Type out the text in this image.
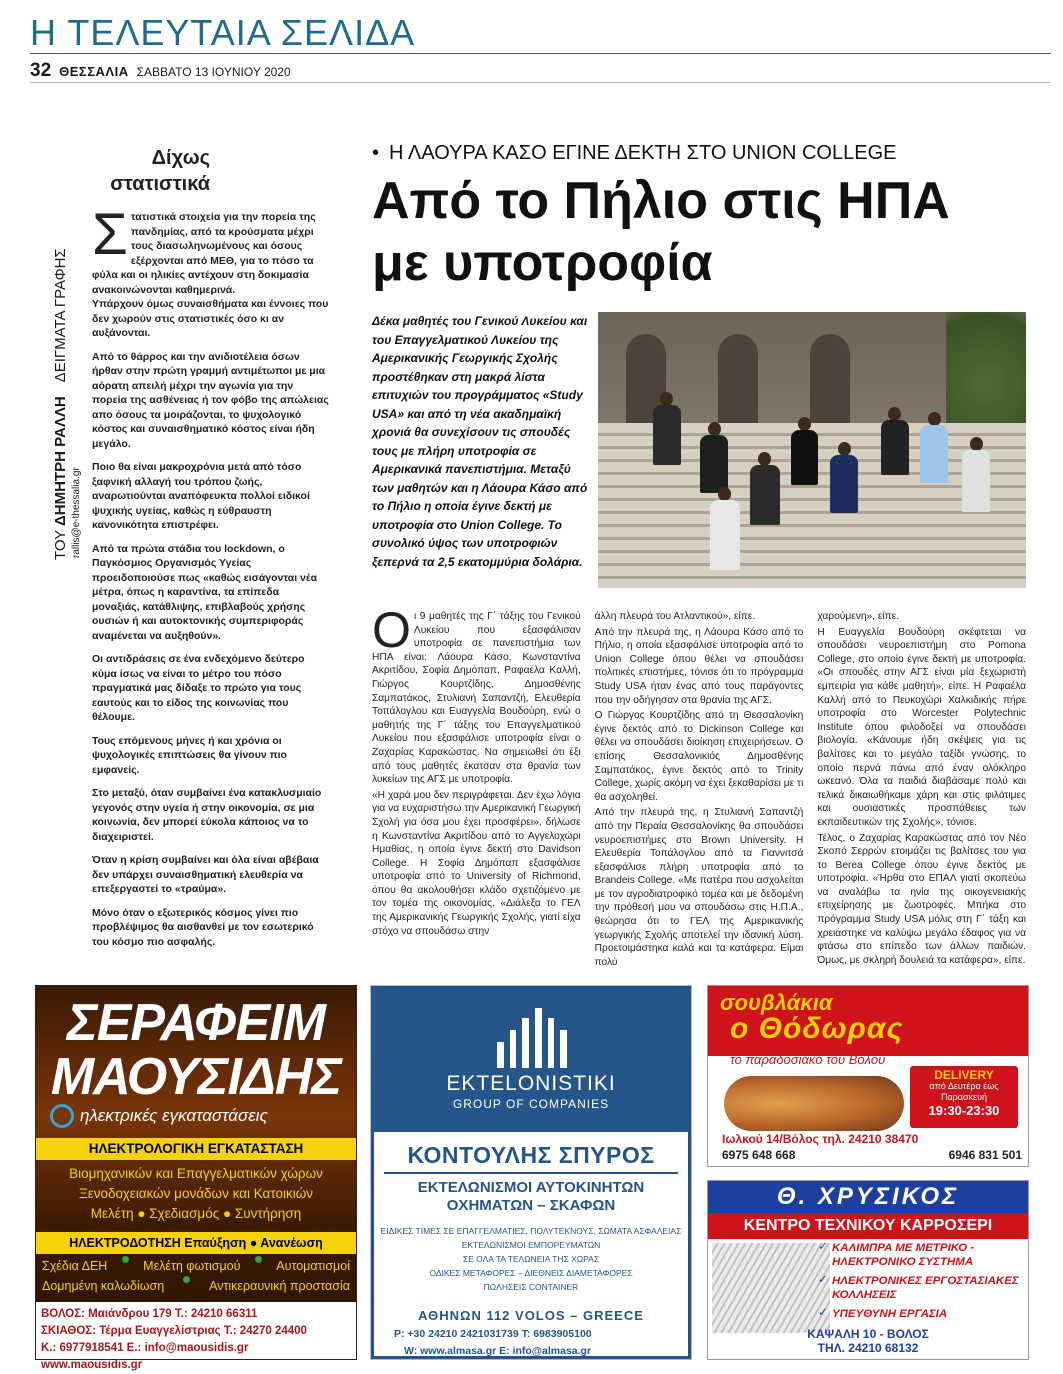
Η ΤΕΛΕΥΤΑΙΑ ΣΕΛΙΔΑ
32 ΘΕΣΣΑΛΙΑ ΣΑΒΒΑΤΟ 13 ΙΟΥΝΙΟΥ 2020
ΤΟΥ ΔΗΜΗΤΡΗ ΡΑΛΛΗ
ΔΕΙΓΜΑΤΑ ΓΡΑΦΗΣ
rallis@e-thessalia.gr
Δίχως στατιστικά

Στατιστικά στοιχεία για την πορεία της πανδημίας, από τα κρούσματα μέχρι τους διασωληνωμένους και όσους εξέρχονται από ΜΕΘ, για το πόσο τα φύλα και οι ηλικίες αντέχουν στη δοκιμασία ανακοινώνονται καθημερινά.
Υπάρχουν όμως συναισθήματα και έννοιες που δεν χωρούν στις στατιστικές όσο κι αν αυξάνονται.

Από το θάρρος και την ανιδιοτέλεια όσων ήρθαν στην πρώτη γραμμή αντιμέτωποι με μια αόρατη απειλή μέχρι την αγωνία για την πορεία της ασθένειας ή τον φόβο της απώλειας απο όσους τα μοιράζονται, το ψυχολογικό κόστος και συναισθηματικό κόστος είναι ήδη μεγάλο.

Ποιο θα είναι μακροχρόνια μετά από τόσο ξαφνική αλλαγή του τρόπου ζωής, αναρωτιούνται αναπόφευκτα πολλοί ειδικοί ψυχικής υγείας, καθώς η εύθραυστη κανονικότητα επιστρέφει.

Από τα πρώτα στάδια του lockdown, ο Παγκόσμιος Οργανισμός Υγείας προειδοποιούσε πως «καθώς εισάγονται νέα μέτρα, όπως η καραντίνα, τα επίπεδα μοναξιάς, κατάθλιψης, επιβλαβούς χρήσης ουσιών ή και αυτοκτονικής συμπεριφοράς αναμένεται να αυξηθούν».

Οι αντιδράσεις σε ένα ενδεχόμενο δεύτερο κύμα ίσως να είναι το μέτρο του πόσο πραγματικά μας δίδαξε το πρώτο για τους εαυτούς και το είδος της κοινωνίας που θέλουμε.

Τους επόμενους μήνες ή και χρόνια οι ψυχολογικές επιπτώσεις θα γίνουν πιο εμφανείς.

Στο μεταξύ, όταν συμβαίνει ένα κατακλυσμιαίο γεγονός στην υγεία ή στην οικονομία, σε μια κοινωνία, δεν μπορεί εύκολα κάποιος να το διαχειριστεί.

Όταν η κρίση συμβαίνει και όλα είναι αβέβαια δεν υπάρχει συναισθηματική ελευθερία να επεξεργαστεί το «τραύμα».

Μόνο όταν ο εξωτερικός κόσμος γίνει πιο προβλέψιμος θα αισθανθεί με τον εσωτερικό του κόσμο πιο ασφαλής.

• Η ΛΑΟΥΡΑ ΚΑΣΟ ΕΓΙΝΕ ΔΕΚΤΗ ΣΤΟ UNION COLLEGE
Από το Πήλιο στις ΗΠΑ
με υποτροφία

Δέκα μαθητές του Γενικού Λυκείου και του Επαγγελματικού Λυκείου της Αμερικανικής Γεωργικής Σχολής προστέθηκαν στη μακρά λίστα επιτυχιών του προγράμματος «Study USA» και από τη νέα ακαδημαϊκή χρονιά θα συνεχίσουν τις σπουδές τους με πλήρη υποτροφία σε Αμερικανικά πανεπιστήμια. Μεταξύ των μαθητών και η Λάουρα Κάσο από το Πήλιο η οποία έγινε δεκτή με υποτροφία στο Union College. Το συνολικό ύψος των υποτροφιών ξεπερνά τα 2,5 εκατομμύρια δολάρια.

Οι 9 μαθητές της Γ΄ τάξης του Γενικού Λυκείου που εξασφάλισαν υποτροφία σε πανεπιστήμια των ΗΠΑ είναι: Λάουρα Κάσο, Κωνσταντίνα Ακριτίδου, Σοφία Δημόπαπ, Ραφαέλα Καλλή, Γιώργος Κουρτζίδης, Δημοσθένης Σαμπατάκος, Στυλιανή Σαπαντζή, Ελευθερία Τοπάλογλου και Ευαγγελία Βουδούρη, ενώ ο μαθητής της Γ΄ τάξης του Επαγγελματικού Λυκείου που εξασφάλισε υποτροφία είναι ο Ζαχαρίας Καρακώστας. Να σημειωθεί ότι έξι από τους μαθητές έκατσαν στα θρανία των λυκείων της ΑΓΣ με υποτροφία.

«Η χαρά μου δεν περιγράφεται. Δεν έχω λόγια για να ευχαριστήσω την Αμερικανική Γεωργική Σχολή για όσα μου έχει προσφέρει», δήλωσε η Κωνσταντίνα Ακριτίδου από το Αγγελοχώρι Ημαθίας, η οποία έγινε δεκτή στο Davidson College. Η Σοφία Δημόπαπ εξασφάλισε υποτροφία από το University of Richmond, όπου θα ακολουθήσει κλάδο σχετιζόμενο με τον τομέα της οικονομίας. «Διάλεξα το ΓΕΛ της Αμερικανικής Γεωργικής Σχολής, γιατί είχα στόχο να σπουδάσω στην

άλλη πλευρά του Ατλαντικού», είπε.

Από την πλευρά της, η Λάουρα Κάσο από το Πήλιο, η οποία εξασφάλισε υποτροφία από το Union College όπου θέλει να σπουδάσει πολιτικές επιστήμες, τόνισε ότι το πρόγραμμα Study USA ήταν ένας από τους παράγοντες που την οδήγησαν στα θρανία της ΑΓΣ.

Ο Γιώργος Κουρτζίδης από τη Θεσσαλονίκη έγινε δεκτός από το Dickinson College και θέλει να σπουδάσει διοίκηση επιχειρήσεων. Ο επίσης Θεσσαλονικιός Δημοσθένης Σαμπατάκος, έγινε δεκτός από το Trinity College, χωρίς ακόμη να έχει ξεκαθαρίσει με τι θα ασχοληθεί.

Από την πλευρά της, η Στυλιανή Σαπαντζή από την Περαία Θεσσαλονίκης θα σπουδάσει νευροεπιστήμες στο Brown University. Η Ελευθερία Τοπάλογλου από τα Γιαννιτσά εξασφάλισε πλήρη υποτροφία από το Brandeis College. «Με πατέρα που ασχολείται με τον αγροδιατροφικό τομέα και με δεδομένη την πρόθεσή μου να σπουδάσω στις Η.Π.Α., θεώρησα ότι το ΓΕΛ της Αμερικανικής γεωργικής Σχολής αποτελεί την ιδανική λύση. Προετοιμάστηκα καλά και τα κατάφερα. Είμαι πολύ

χαρούμενη», είπε.

Η Ευαγγελία Βουδούρη σκέφτεται να σπουδάσει νευροεπιστήμη στο Pomona College, στο οποίο έγινε δεκτή με υποτροφία. «Οι σπουδές στην ΑΓΣ είναι μία ξεχωριστή εμπειρία για κάθε μαθητή», είπε. Η Ραφαέλα Καλλή από το Πευκοχώρι Χαλκιδικής πήρε υποτροφία στο Worcester Polytechnic Institute όπου φιλοδοξεί να σπουδάσει βιολογία. «Κάνουμε ήδη σκέψεις για τις βαλίτσες και το μεγάλο ταξίδι γνώσης, το οποίο περνά πάνω από έναν ολόκληρο ωκεανό. Όλα τα παιδιά διαβάσαμε πολύ και τελικά δικαιωθήκαμε χάρη και στις φιλότιμες και ουσιαστικές προσπάθειες των εκπαιδευτικών της Σχολής», τόνισε.

Τέλος, ο Ζαχαρίας Καρακώστας από τον Νέο Σκοπό Σερρών ετοιμάζει τις βαλίτσες του για το Berea College όπου έγινε δεκτός με υποτροφία. «Ήρθα στο ΕΠΑΛ γιατί σκοπεύω να αναλάβω τα ηνία της οικογενειακής επιχείρησης με ζωοτροφές. Μπήκα στο πρόγραμμα Study USA μόλις στη Γ΄ τάξη και χρειάστηκε να καλύψω μεγάλο έδαφος για να φτάσω στο επίπεδο των άλλων παιδιών. Όμως, με σκληρή δουλειά τα κατάφερα», είπε.

ΣΕΡΑΦΕΙΜ
ΜΑΟΥΣΙΔΗΣ
ηλεκτρικές εγκαταστάσεις
ΗΛΕΚΤΡΟΛΟΓΙΚΗ ΕΓΚΑΤΑΣΤΑΣΗ
Βιομηχανικών και Επαγγελματικών χώρων
Ξενοδοχειακών μονάδων και Κατοικιών
Μελέτη ● Σχεδιασμός ● Συντήρηση
ΗΛΕΚΤΡΟΔΟΤΗΣΗ Επαύξηση ● Ανανέωση
Σχέδια ΔΕΗ	Μελέτη φωτισμού	Αυτοματισμοί
Δομημένη καλωδίωση	Αντικεραυνική προστασία
ΒΟΛΟΣ: Μαιάνδρου 179 Τ.: 24210 66311
ΣΚΙΑΘΟΣ: Τέρμα Ευαγγελίστριας Τ.: 24270 24400
Κ.: 6977918541 E.: info@maousidis.gr www.maousidis.gr
EKTELONISTIKI
GROUP OF COMPANIES
ΚΟΝΤΟΥΛΗΣ ΣΠΥΡΟΣ
ΕΚΤΕΛΩΝΙΣΜΟΙ ΑΥΤΟΚΙΝΗΤΩΝ
ΟΧΗΜΑΤΩΝ – ΣΚΑΦΩΝ
ΕΙΔΙΚΕΣ ΤΙΜΕΣ ΣΕ ΕΠΑΓΓΕΛΜΑΤΙΕΣ, ΠΟΛΥΤΕΚΝΟΥΣ, ΣΩΜΑΤΑ ΑΣΦΑΛΕΙΑΣ
ΕΚΤΕΛΩΝΙΣΜΟΙ ΕΜΠΟΡΕΥΜΑΤΩΝ
ΣΕ ΟΛΑ ΤΑ ΤΕΛΩΝΕΙΑ ΤΗΣ ΧΩΡΑΣ
ΟΔΙΚΕΣ ΜΕΤΑΦΟΡΕΣ – ΔΙΕΘΝΕΙΣ ΔΙΑΜΕΤΑΦΟΡΕΣ
ΠΩΛΗΣΕΙΣ CONTAINER
ΑΘΗΝΩΝ 112 VOLOS – GREECE
P: +30 24210 2421031739 T: 6983905100
W: www.almasa.gr E: info@almasa.gr
σουβλάκια
ο Θόδωρας
το παραδοσιακό του Βόλου
DELIVERY
από Δευτέρα έως Παρασκευή
19:30-23:30
Ιωλκού 14/Βόλος τηλ. 24210 38470
6975 648 668	6946 831 501
Θ. ΧΡΥΣΙΚΟΣ
ΚΕΝΤΡΟ ΤΕΧΝΙΚΟΥ ΚΑΡΡΟΣΕΡΙ
✓ ΚΑΛΙΜΠΡΑ ΜΕ ΜΕΤΡΙΚΟ - ΗΛΕΚΤΡΟΝΙΚΟ ΣΥΣΤΗΜΑ
✓ ΗΛΕΚΤΡΟΝΙΚΕΣ ΕΡΓΟΣΤΑΣΙΑΚΕΣ ΚΟΛΛΗΣΕΙΣ
✓ ΥΠΕΥΘΥΝΗ ΕΡΓΑΣΙΑ
ΚΑΨΑΛΗ 10 - ΒΟΛΟΣ
ΤΗΛ. 24210 68132
